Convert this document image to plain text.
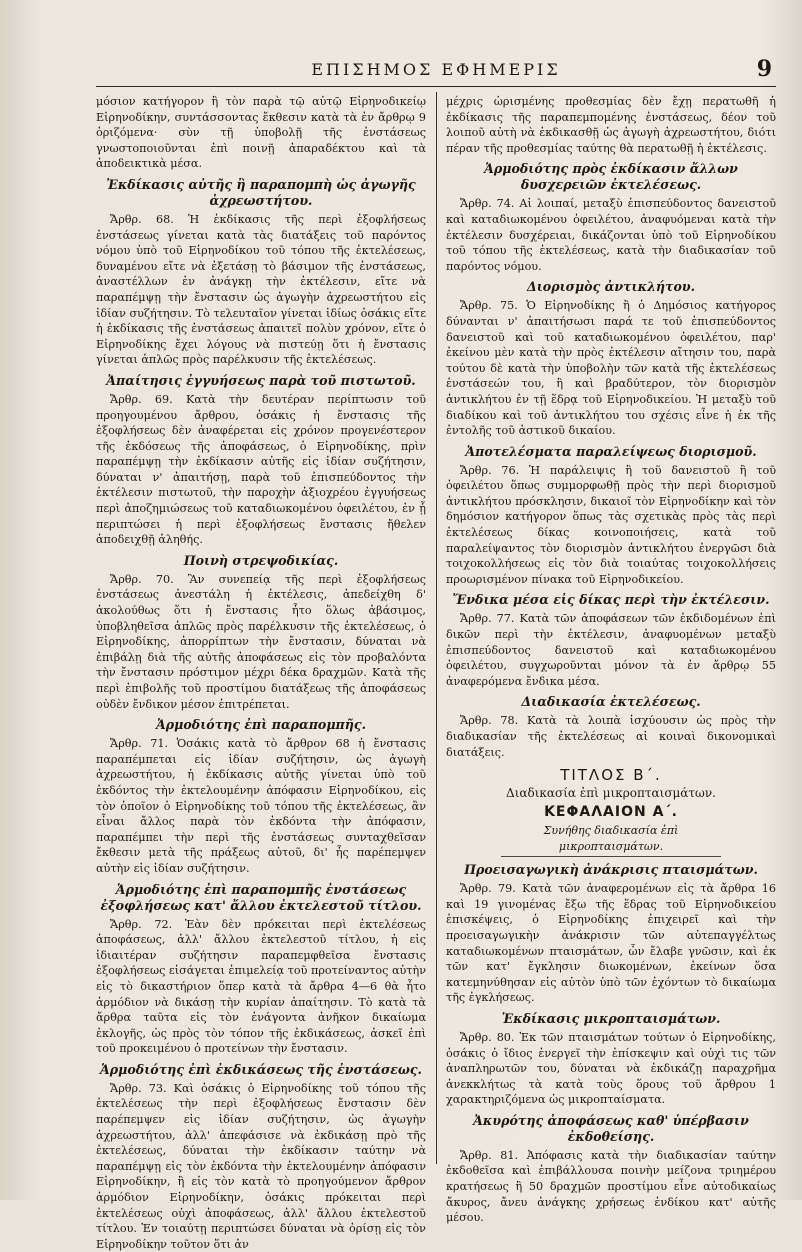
ΕΠΙΣΗΜΟΣ ΕΦΗΜΕΡΙΣ	9

μόσιον κατήγορον ἢ τὸν παρὰ τῷ αὐτῷ Εἰρηνοδικείῳ Εἰρηνοδίκην, συντάσσοντας ἔκθεσιν κατὰ τὰ ἐν ἄρθρῳ 9 ὁριζόμενα· σὺν τῇ ὑποβολῇ τῆς ἐνστάσεως γνωστοποιοῦνται ἐπὶ ποινῇ ἀπαραδέκτου καὶ τὰ ἀποδεικτικὰ μέσα.

Ἐκδίκασις αὐτῆς ἢ παραπομπὴ ὡς ἀγωγῆς ἀχρεωστήτου.

Ἄρθρ. 68. Ἡ ἐκδίκασις τῆς περὶ ἐξοφλήσεως ἐνστάσεως γίνεται κατὰ τὰς διατάξεις τοῦ παρόντος νόμου ὑπὸ τοῦ Εἰρηνοδίκου τοῦ τόπου τῆς ἐκτελέσεως, δυναμένου εἴτε νὰ ἐξετάσῃ τὸ βάσιμον τῆς ἐνστάσεως, ἀναστέλλων ἐν ἀνάγκῃ τὴν ἐκτέλεσιν, εἴτε νὰ παραπέμψῃ τὴν ἔνστασιν ὡς ἀγωγὴν ἀχρεωστήτου εἰς ἰδίαν συζήτησιν. Τὸ τελευταῖον γίνεται ἰδίως ὁσάκις εἴτε ἡ ἐκδίκασις τῆς ἐνστάσεως ἀπαιτεῖ πολὺν χρόνον, εἴτε ὁ Εἰρηνοδίκης ἔχει λόγους νὰ πιστεύῃ ὅτι ἡ ἔνστασις γίνεται ἁπλῶς πρὸς παρέλκυσιν τῆς ἐκτελέσεως.

Ἀπαίτησις ἐγγυήσεως παρὰ τοῦ πιστωτοῦ.

Ἄρθρ. 69. Κατὰ τὴν δευτέραν περίπτωσιν τοῦ προηγουμένου ἄρθρου, ὁσάκις ἡ ἔνστασις τῆς ἐξοφλήσεως δὲν ἀναφέρεται εἰς χρόνον προγενέστερον τῆς ἐκδόσεως τῆς ἀποφάσεως, ὁ Εἰρηνοδίκης, πρὶν παραπέμψῃ τὴν ἐκδίκασιν αὐτῆς εἰς ἰδίαν συζήτησιν, δύναται ν' ἀπαιτήσῃ, παρὰ τοῦ ἐπισπεύδοντος τὴν ἐκτέλεσιν πιστωτοῦ, τὴν παροχὴν ἀξιοχρέου ἐγγυήσεως περὶ ἀποζημιώσεως τοῦ καταδιωκομένου ὀφειλέτου, ἐν ᾗ περιπτώσει ἡ περὶ ἐξοφλήσεως ἔνστασις ἤθελεν ἀποδειχθῇ ἀληθής.

Ποινὴ στρεψοδικίας.

Ἄρθρ. 70. Ἂν συνεπείᾳ τῆς περὶ ἐξοφλήσεως ἐνστάσεως ἀνεστάλη ἡ ἐκτέλεσις, ἀπεδείχθη δ' ἀκολούθως ὅτι ἡ ἔνστασις ἦτο ὅλως ἀβάσιμος, ὑποβληθεῖσα ἁπλῶς πρὸς παρέλκυσιν τῆς ἐκτελέσεως, ὁ Εἰρηνοδίκης, ἀπορρίπτων τὴν ἔνστασιν, δύναται νὰ ἐπιβάλῃ διὰ τῆς αὐτῆς ἀποφάσεως εἰς τὸν προβαλόντα τὴν ἔνστασιν πρόστιμον μέχρι δέκα δραχμῶν. Κατὰ τῆς περὶ ἐπιβολῆς τοῦ προστίμου διατάξεως τῆς ἀποφάσεως οὐδὲν ἔνδικον μέσον ἐπιτρέπεται.

Ἁρμοδιότης ἐπὶ παραπομπῆς.

Ἄρθρ. 71. Ὁσάκις κατὰ τὸ ἄρθρον 68 ἡ ἔνστασις παραπέμπεται εἰς ἰδίαν συζήτησιν, ὡς ἀγωγὴ ἀχρεωστήτου, ἡ ἐκδίκασις αὐτῆς γίνεται ὑπὸ τοῦ ἐκδόντος τὴν ἐκτελουμένην ἀπόφασιν Εἰρηνοδίκου, εἰς τὸν ὁποῖον ὁ Εἰρηνοδίκης τοῦ τόπου τῆς ἐκτελέσεως, ἂν εἶναι ἄλλος παρὰ τὸν ἐκδόντα τὴν ἀπόφασιν, παραπέμπει τὴν περὶ τῆς ἐνστάσεως συνταχθεῖσαν ἔκθεσιν μετὰ τῆς πράξεως αὐτοῦ, δι' ἧς παρέπεμψεν αὐτὴν εἰς ἰδίαν συζήτησιν.

Ἁρμοδιότης ἐπὶ παραπομπῆς ἐνστάσεως ἐξοφλήσεως κατ' ἄλλου ἐκτελεστοῦ τίτλου.

Ἄρθρ. 72. Ἐὰν δὲν πρόκειται περὶ ἐκτελέσεως ἀποφάσεως, ἀλλ' ἄλλου ἐκτελεστοῦ τίτλου, ἡ εἰς ἰδιαιτέραν συζήτησιν παραπεμφθεῖσα ἔνστασις ἐξοφλήσεως εἰσάγεται ἐπιμελείᾳ τοῦ προτείναντος αὐτὴν εἰς τὸ δικαστήριον ὅπερ κατὰ τὰ ἄρθρα 4—6 θὰ ἦτο ἁρμόδιον νὰ δικάσῃ τὴν κυρίαν ἀπαίτησιν. Τὸ κατὰ τὰ ἄρθρα ταῦτα εἰς τὸν ἐνάγοντα ἀνῆκον δικαίωμα ἐκλογῆς, ὡς πρὸς τὸν τόπον τῆς ἐκδικάσεως, ἀσκεῖ ἐπὶ τοῦ προκειμένου ὁ προτείνων τὴν ἔνστασιν.

Ἁρμοδιότης ἐπὶ ἐκδικάσεως τῆς ἐνστάσεως.

Ἄρθρ. 73. Καὶ ὁσάκις ὁ Εἰρηνοδίκης τοῦ τόπου τῆς ἐκτελέσεως τὴν περὶ ἐξοφλήσεως ἔνστασιν δὲν παρέπεμψεν εἰς ἰδίαν συζήτησιν, ὡς ἀγωγὴν ἀχρεωστήτου, ἀλλ' ἀπεφάσισε νὰ ἐκδικάσῃ πρὸ τῆς ἐκτελέσεως, δύναται τὴν ἐκδίκασιν ταύτην νὰ παραπέμψῃ εἰς τὸν ἐκδόντα τὴν ἐκτελουμένην ἀπόφασιν Εἰρηνοδίκην, ἢ εἰς τὸν κατὰ τὸ προηγούμενον ἄρθρον ἁρμόδιον Εἰρηνοδίκην, ὁσάκις πρόκειται περὶ ἐκτελέσεως οὐχὶ ἀποφάσεως, ἀλλ' ἄλλου ἐκτελεστοῦ τίτλου. Ἐν τοιαύτῃ περιπτώσει δύναται νὰ ὁρίσῃ εἰς τὸν Εἰρηνοδίκην τοῦτον ὅτι ἀν

μέχρις ὡρισμένης προθεσμίας δὲν ἔχῃ περατωθῆ ἡ ἐκδίκασις τῆς παραπεμπομένης ἐνστάσεως, δέον τοῦ λοιποῦ αὐτὴ νὰ ἐκδικασθῇ ὡς ἀγωγὴ ἀχρεωστήτου, διότι πέραν τῆς προθεσμίας ταύτης θὰ περατωθῇ ἡ ἐκτέλεσις.

Ἁρμοδιότης πρὸς ἐκδίκασιν ἄλλων δυσχερειῶν ἐκτελέσεως.

Ἄρθρ. 74. Αἱ λοιπαί, μεταξὺ ἐπισπεύδοντος δανειστοῦ καὶ καταδιωκομένου ὀφειλέτου, ἀναφυόμεναι κατὰ τὴν ἐκτέλεσιν δυσχέρειαι, δικάζονται ὑπὸ τοῦ Εἰρηνοδίκου τοῦ τόπου τῆς ἐκτελέσεως, κατὰ τὴν διαδικασίαν τοῦ παρόντος νόμου.

Διορισμὸς ἀντικλήτου.

Ἄρθρ. 75. Ὁ Εἰρηνοδίκης ἢ ὁ Δημόσιος κατήγορος δύνανται ν' ἀπαιτήσωσι παρά τε τοῦ ἐπισπεύδοντος δανειστοῦ καὶ τοῦ καταδιωκομένου ὀφειλέτου, παρ' ἐκείνου μὲν κατὰ τὴν πρὸς ἐκτέλεσιν αἴτησιν του, παρὰ τούτου δὲ κατὰ τὴν ὑποβολὴν τῶν κατὰ τῆς ἐκτελέσεως ἐνστάσεών του, ἢ καὶ βραδύτερον, τὸν διορισμὸν ἀντικλήτου ἐν τῇ ἕδρᾳ τοῦ Εἰρηνοδικείου. Ἡ μεταξὺ τοῦ διαδίκου καὶ τοῦ ἀντικλήτου του σχέσις εἶνε ἡ ἐκ τῆς ἐντολῆς τοῦ ἀστικοῦ δικαίου.

Ἀποτελέσματα παραλείψεως διορισμοῦ.

Ἄρθρ. 76. Ἡ παράλειψις ἢ τοῦ δανειστοῦ ἢ τοῦ ὀφειλέτου ὅπως συμμορφωθῇ πρὸς τὴν περὶ διορισμοῦ ἀντικλήτου πρόσκλησιν, δικαιοῖ τὸν Εἰρηνοδίκην καὶ τὸν δημόσιον κατήγορον ὅπως τὰς σχετικὰς πρὸς τὰς περὶ ἐκτελέσεως δίκας κοινοποιήσεις, κατὰ τοῦ παραλείψαντος τὸν διορισμὸν ἀντικλήτου ἐνεργῶσι διὰ τοιχοκολλήσεως εἰς τὸν διὰ τοιαύτας τοιχοκολλήσεις προωρισμένον πίνακα τοῦ Εἰρηνοδικείου.

Ἔνδικα μέσα εἰς δίκας περὶ τὴν ἐκτέλεσιν.

Ἄρθρ. 77. Κατὰ τῶν ἀποφάσεων τῶν ἐκδιδομένων ἐπὶ δικῶν περὶ τὴν ἐκτέλεσιν, ἀναφυομένων μεταξὺ ἐπισπεύδοντος δανειστοῦ καὶ καταδιωκομένου ὀφειλέτου, συγχωροῦνται μόνον τὰ ἐν ἄρθρῳ 55 ἀναφερόμενα ἔνδικα μέσα.

Διαδικασία ἐκτελέσεως.

Ἄρθρ. 78. Κατὰ τὰ λοιπὰ ἰσχύουσιν ὡς πρὸς τὴν διαδικασίαν τῆς ἐκτελέσεως αἱ κοιναὶ δικονομικαὶ διατάξεις.

ΤΙΤΛΟΣ Β΄.
Διαδικασία ἐπὶ μικροπταισμάτων.
ΚΕΦΑΛΑΙΟΝ Α΄.
Συνήθης διαδικασία ἐπὶ μικροπταισμάτων.
Προεισαγωγικὴ ἀνάκρισις πταισμάτων.

Ἄρθρ. 79. Κατὰ τῶν ἀναφερομένων εἰς τὰ ἄρθρα 16 καὶ 19 γινομένας ἔξω τῆς ἕδρας τοῦ Εἰρηνοδικείου ἐπισκέψεις, ὁ Εἰρηνοδίκης ἐπιχειρεῖ καὶ τὴν προεισαγωγικὴν ἀνάκρισιν τῶν αὐτεπαγγέλτως καταδιωκομένων πταισμάτων, ὧν ἔλαβε γνῶσιν, καὶ ἐκ τῶν κατ' ἔγκλησιν διωκομένων, ἐκείνων ὅσα κατεμηνύθησαν εἰς αὐτὸν ὑπὸ τῶν ἐχόντων τὸ δικαίωμα τῆς ἐγκλήσεως.

Ἐκδίκασις μικροπταισμάτων.

Ἄρθρ. 80. Ἐκ τῶν πταισμάτων τούτων ὁ Εἰρηνοδίκης, ὁσάκις ὁ ἴδιος ἐνεργεῖ τὴν ἐπίσκεψιν καὶ οὐχὶ τις τῶν ἀναπληρωτῶν του, δύναται νὰ ἐκδικάζῃ παραχρῆμα ἀνεκκλήτως τὰ κατὰ τοὺς ὅρους τοῦ ἄρθρου 1 χαρακτηριζόμενα ὡς μικροπταίσματα.

Ἀκυρότης ἀποφάσεως καθ' ὑπέρβασιν ἐκδοθείσης.

Ἄρθρ. 81. Ἀπόφασις κατὰ τὴν διαδικασίαν ταύτην ἐκδοθεῖσα καὶ ἐπιβάλλουσα ποινὴν μείζονα τριημέρου κρατήσεως ἢ 50 δραχμῶν προστίμου εἶνε αὐτοδικαίως ἄκυρος, ἄνευ ἀνάγκης χρήσεως ἐνδίκου κατ' αὐτῆς μέσου.
